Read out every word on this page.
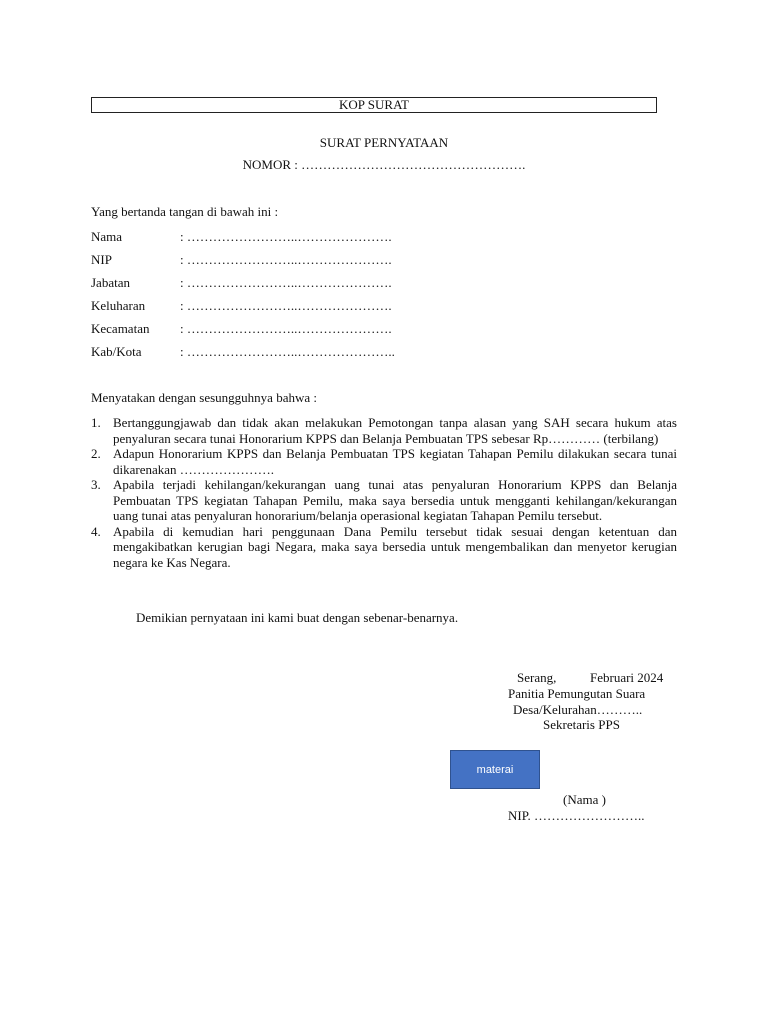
KOP SURAT
SURAT PERNYATAAN
NOMOR : …………………………………………….
Yang bertanda tangan di bawah ini :
Nama	: ……………………..………………….
NIP	: ……………………..………………….
Jabatan	: ……………………..………………….
Keluharan	: ……………………..………………….
Kecamatan : ……………………..………………….
Kab/Kota	: ……………………..…………………..
Menyatakan dengan sesungguhnya bahwa :
1. Bertanggungjawab dan tidak akan melakukan Pemotongan tanpa alasan yang SAH secara hukum atas penyaluran secara tunai Honorarium KPPS dan Belanja Pembuatan TPS sebesar Rp………… (terbilang)
2. Adapun Honorarium KPPS dan Belanja Pembuatan TPS kegiatan Tahapan Pemilu dilakukan secara tunai dikarenakan ………………….
3. Apabila terjadi kehilangan/kekurangan uang tunai atas penyaluran Honorarium KPPS dan Belanja Pembuatan TPS kegiatan Tahapan Pemilu, maka saya bersedia untuk mengganti kehilangan/kekurangan uang tunai atas penyaluran honorarium/belanja operasional kegiatan Tahapan Pemilu tersebut.
4. Apabila di kemudian hari penggunaan Dana Pemilu tersebut tidak sesuai dengan ketentuan dan mengakibatkan kerugian bagi Negara, maka saya bersedia untuk mengembalikan dan menyetor kerugian negara ke Kas Negara.
Demikian pernyataan ini kami buat dengan sebenar-benarnya.
Serang,	Februari 2024
Panitia Pemungutan Suara
Desa/Kelurahan………..
Sekretaris PPS
materai
(Nama )
NIP. ……………………..
